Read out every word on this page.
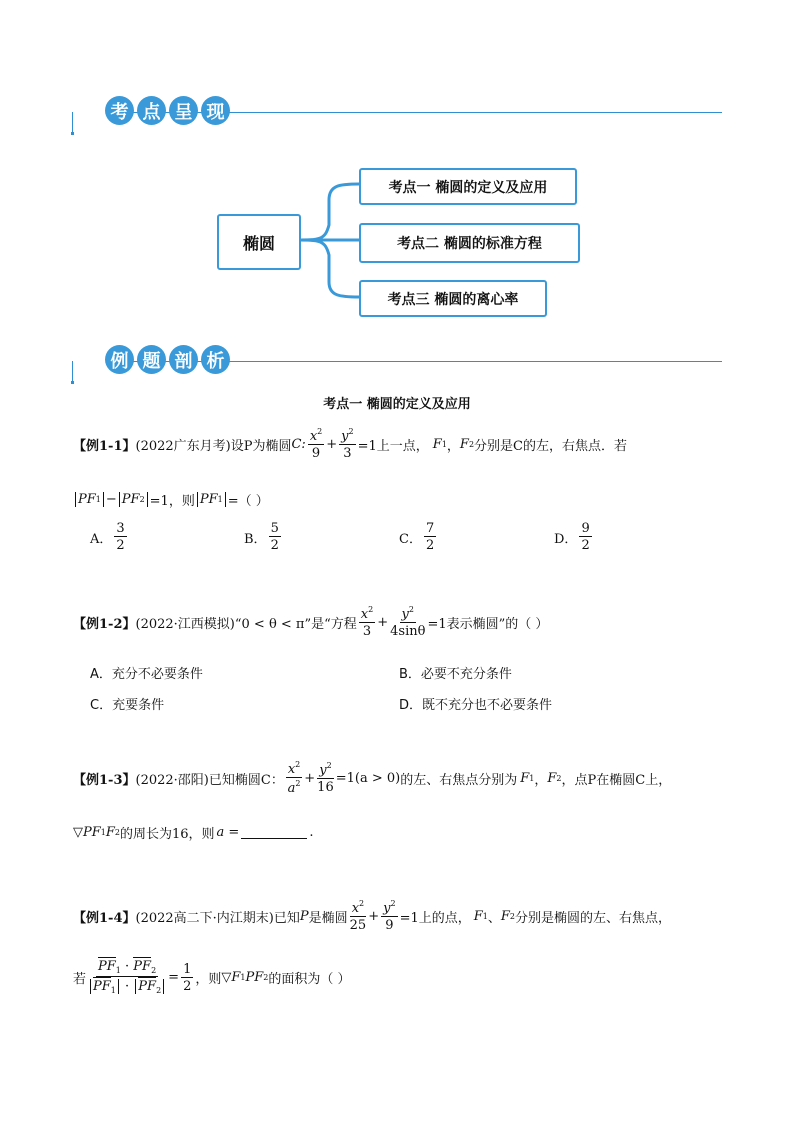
考 点 呈 现
椭圆
考点一 椭圆的定义及应用
考点二 椭圆的标准方程
考点三 椭圆的离心率
例 题 剖 析
考点一 椭圆的定义及应用
【例1-1】 (2022广东月考) 设P为椭圆 C: $\frac{x^2}{9} + \frac{y^2}{3} =1$上一点， F 1 ， F 2 分别是C的左，右焦点．若
PF 1 − PF 2 =1，则 PF 1 =（ ）
A． $\frac{3}{2}$	B． $\frac{5}{2}$	C． $\frac{7}{2}$	D． $\frac{9}{2}$
【例1-2】 (2022·江西模拟) “0 < θ < π”是“方程 $\frac{x^2}{3} + \frac{y^2}{4\sin\theta} =1$表示椭圆”的（ ）
A．充分不必要条件	B．必要不充分条件
C．充要条件	D．既不充分也不必要条件
【例1-3】 (2022·邵阳) 已知椭圆C： $\frac{x^2}{a^2} + \frac{y^2}{16} =1(a > 0)$ 的左、右焦点分别为 F 1 ， F 2 ，点P在椭圆C上，
▽ PF 1 F 2 的周长为16，则 a =	.
【例1-4】 (2022高二下·内江期末) 已知 P 是椭圆 $\frac{x^2}{25} + \frac{y^2}{9} =1$上的点， F 1 、 F 2 分别是椭圆的左、右焦点，
若 $\frac{PF_1 \cdot PF_2}{PF_1 \cdot PF_2} = \frac{1}{2}$ ，则 ▽ F 1 PF 2 的面积为（ ）
